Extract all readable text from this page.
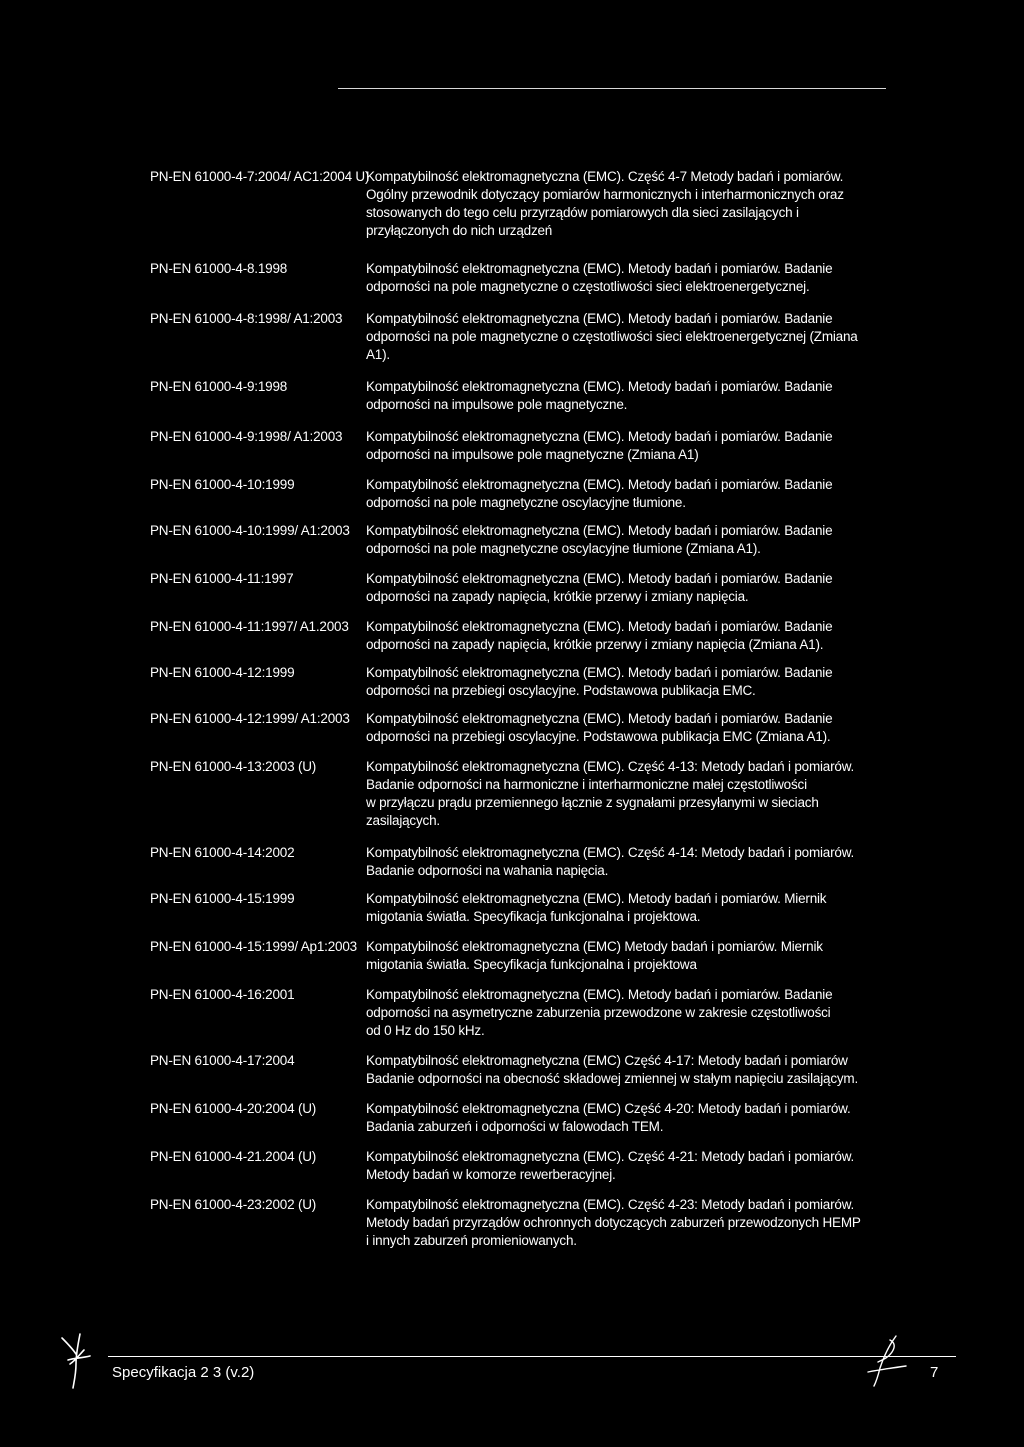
PN-EN 61000-4-7:2004/ AC1:2004 U)
Kompatybilność elektromagnetyczna (EMC). Część 4-7 Metody badań i pomiarów.
Ogólny przewodnik dotyczący pomiarów harmonicznych i interharmonicznych oraz
stosowanych do tego celu przyrządów pomiarowych dla sieci zasilających i
przyłączonych do nich urządzeń
PN-EN 61000-4-8.1998	Kompatybilność elektromagnetyczna (EMC). Metody badań i pomiarów. Badanie
odporności na pole magnetyczne o częstotliwości sieci elektroenergetycznej.
PN-EN 61000-4-8:1998/ A1:2003	Kompatybilność elektromagnetyczna (EMC). Metody badań i pomiarów. Badanie
odporności na pole magnetyczne o częstotliwości sieci elektroenergetycznej (Zmiana
A1).
PN-EN 61000-4-9:1998	Kompatybilność elektromagnetyczna (EMC). Metody badań i pomiarów. Badanie
odporności na impulsowe pole magnetyczne.
PN-EN 61000-4-9:1998/ A1:2003	Kompatybilność elektromagnetyczna (EMC). Metody badań i pomiarów. Badanie
odporności na impulsowe pole magnetyczne (Zmiana A1)
PN-EN 61000-4-10:1999	Kompatybilność elektromagnetyczna (EMC). Metody badań i pomiarów. Badanie
odporności na pole magnetyczne oscylacyjne tłumione.
PN-EN 61000-4-10:1999/ A1:2003	Kompatybilność elektromagnetyczna (EMC). Metody badań i pomiarów. Badanie
odporności na pole magnetyczne oscylacyjne tłumione (Zmiana A1).
PN-EN 61000-4-11:1997	Kompatybilność elektromagnetyczna (EMC). Metody badań i pomiarów. Badanie
odporności na zapady napięcia, krótkie przerwy i zmiany napięcia.
PN-EN 61000-4-11:1997/ A1.2003	Kompatybilność elektromagnetyczna (EMC). Metody badań i pomiarów. Badanie
odporności na zapady napięcia, krótkie przerwy i zmiany napięcia (Zmiana A1).
PN-EN 61000-4-12:1999	Kompatybilność elektromagnetyczna (EMC). Metody badań i pomiarów. Badanie
odporności na przebiegi oscylacyjne. Podstawowa publikacja EMC.
PN-EN 61000-4-12:1999/ A1:2003	Kompatybilność elektromagnetyczna (EMC). Metody badań i pomiarów. Badanie
odporności na przebiegi oscylacyjne. Podstawowa publikacja EMC (Zmiana A1).
PN-EN 61000-4-13:2003 (U)	Kompatybilność elektromagnetyczna (EMC). Część 4-13: Metody badań i pomiarów.
Badanie odporności na harmoniczne i interharmoniczne małej częstotliwości
w przyłączu prądu przemiennego łącznie z sygnałami przesyłanymi w sieciach
zasilających.
PN-EN 61000-4-14:2002	Kompatybilność elektromagnetyczna (EMC). Część 4-14: Metody badań i pomiarów.
Badanie odporności na wahania napięcia.
PN-EN 61000-4-15:1999	Kompatybilność elektromagnetyczna (EMC). Metody badań i pomiarów. Miernik
migotania światła. Specyfikacja funkcjonalna i projektowa.
PN-EN 61000-4-15:1999/ Ap1:2003 Kompatybilność elektromagnetyczna (EMC) Metody badań i pomiarów. Miernik
migotania światła. Specyfikacja funkcjonalna i projektowa
PN-EN 61000-4-16:2001	Kompatybilność elektromagnetyczna (EMC). Metody badań i pomiarów. Badanie
odporności na asymetryczne zaburzenia przewodzone w zakresie częstotliwości
od 0 Hz do 150 kHz.
PN-EN 61000-4-17:2004	Kompatybilność elektromagnetyczna (EMC) Część 4-17: Metody badań i pomiarów
Badanie odporności na obecność składowej zmiennej w stałym napięciu zasilającym.
PN-EN 61000-4-20:2004 (U)	Kompatybilność elektromagnetyczna (EMC) Część 4-20: Metody badań i pomiarów.
Badania zaburzeń i odporności w falowodach TEM.
PN-EN 61000-4-21.2004 (U)	Kompatybilność elektromagnetyczna (EMC). Część 4-21: Metody badań i pomiarów.
Metody badań w komorze rewerberacyjnej.
PN-EN 61000-4-23:2002 (U)	Kompatybilność elektromagnetyczna (EMC). Część 4-23: Metody badań i pomiarów.
Metody badań przyrządów ochronnych dotyczących zaburzeń przewodzonych HEMP
i innych zaburzeń promieniowanych.
Specyfikacja 2 3 (v.2)	7
